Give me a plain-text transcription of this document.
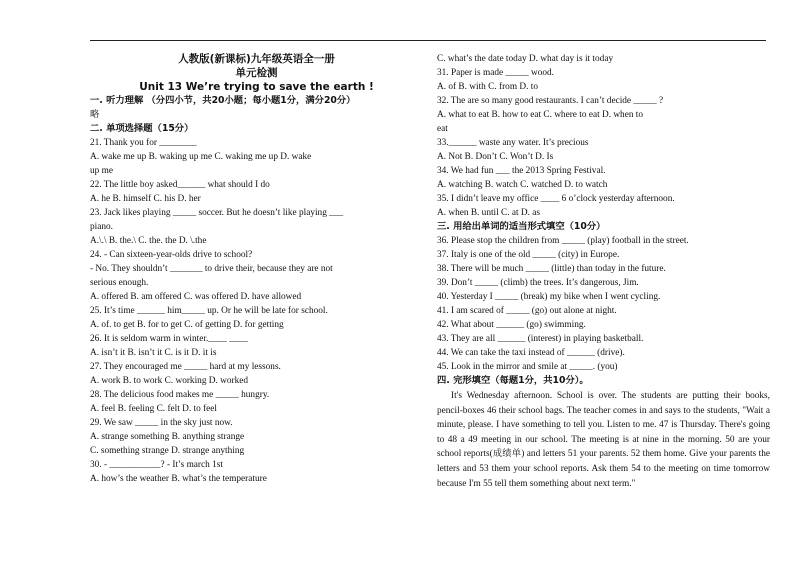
人教版(新课标)九年级英语全一册
单元检测
Unit 13 We’re trying to save the earth !
一. 听力理解 （分四小节，共20小题；每小题1分，满分20分）
略
二. 单项选择题（15分）
21. Thank you for ________
A. wake me up B. waking up me C. waking me up D. wake
up me
22. The little boy asked______ what should I do
A. he B. himself C. his D. her
23. Jack likes playing _____ soccer. But he doesn’t like playing ___
piano.
A.\.\ B. the.\ C. the. the D. \.the
24. - Can sixteen-year-olds drive to school?
- No. They shouldn’t _______ to drive their, because they are not
serious enough.
A. offered B. am offered C. was offered D. have allowed
25. It’s time ______ him_____ up. Or he will be late for school.
A. of. to get B. for to get C. of getting D. for getting
26. It is seldom warm in winter.____ ____
A. isn’t it B. isn’t it C. is it D. it is
27. They encouraged me _____ hard at my lessons.
A. work B. to work C. working D. worked
28. The delicious food makes me _____ hungry.
A. feel B. feeling C. felt D. to feel
29. We saw _____ in the sky just now.
A. strange something B. anything strange
C. something strange D. strange anything
30. - ___________? - It’s march 1st
A. how’s the weather B. what’s the temperature
C. what’s the date today D. what day is it today
31. Paper is made _____ wood.
A. of B. with C. from D. to
32. The are so many good restaurants. I can’t decide _____ ?
A. what to eat B. how to eat C. where to eat D. when to
eat
33.______ waste any water. It’s precious
A. Not B. Don’t C. Won’t D. Is
34. We had fun ___ the 2013 Spring Festival.
A. watching B. watch C. watched D. to watch
35. I didn’t leave my office ____ 6 o’clock yesterday afternoon.
A. when B. until C. at D. as
三. 用给出单词的适当形式填空（10分）
36. Please stop the children from _____ (play) football in the street.
37. Italy is one of the old _____ (city) in Europe.
38. There will be much _____ (little) than today in the future.
39. Don’t _____ (climb) the trees. It’s dangerous, Jim.
40. Yesterday I _____ (break) my bike when I went cycling.
41. I am scared of _____ (go) out alone at night.
42. What about ______ (go) swimming.
43. They are all ______ (interest) in playing basketball.
44. We can take the taxi instead of ______ (drive).
45. Look in the mirror and smile at _____. (you)
四. 完形填空（每题1分，共10分）。

It's Wednesday afternoon. School is over. The students are putting their books, pencil-boxes 46 their school bags. The teacher comes in and says to the students, "Wait a minute, please. I have something to tell you. Listen to me. 47 is Thursday. There's going to 48 a 49 meeting in our school. The meeting is at nine in the morning. 50 are your school reports(成绩单) and letters 51 your parents. 52 them home. Give your parents the letters and 53 them your school reports. Ask them 54 to the meeting on time tomorrow because I'm 55 tell them something about next term."
